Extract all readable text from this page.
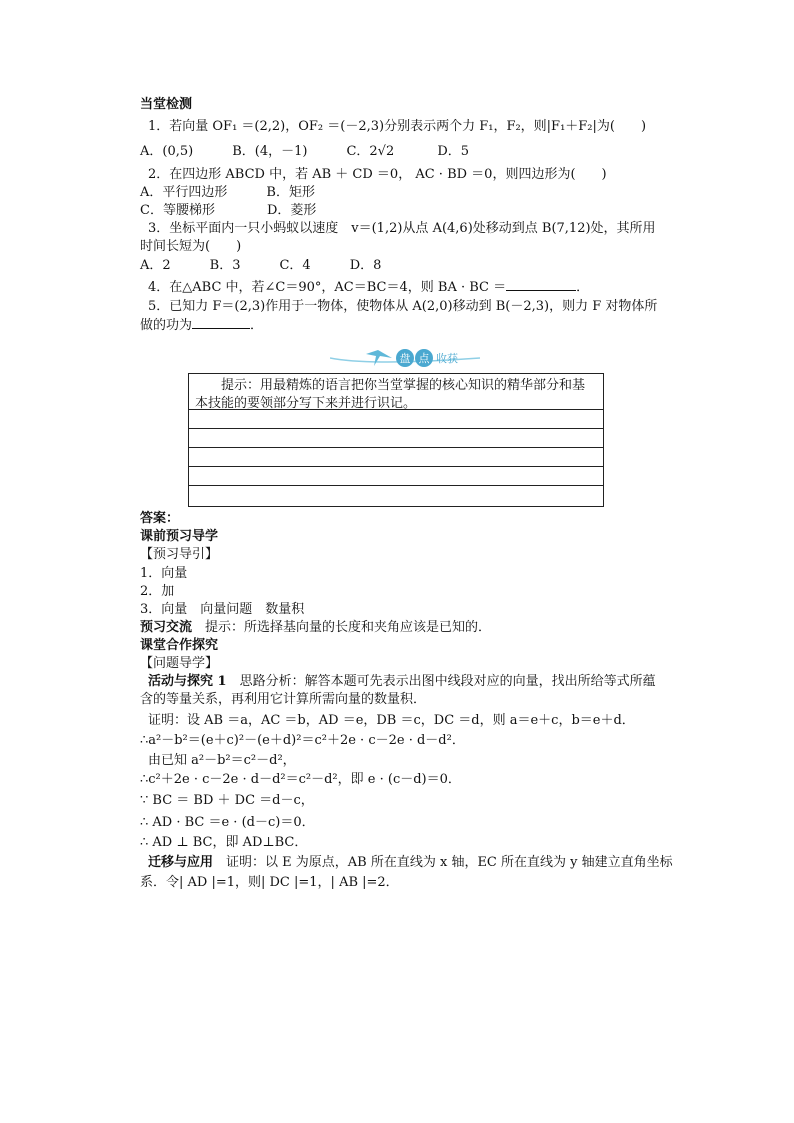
当堂检测
1．若向量 OF₁ ＝(2,2)，OF₂ ＝(－2,3)分别表示两个力 F₁，F₂，则|F₁＋F₂|为(　　)
A．(0,5)　　　B．(4，－1)　　　C．2√2　　　 D．5
2．在四边形 ABCD 中，若 AB ＋ CD ＝0， AC · BD ＝0，则四边形为(　　)
A．平行四边形　　　B．矩形
C．等腰梯形　　　　D．菱形
3．坐标平面内一只小蚂蚁以速度　v＝(1,2)从点 A(4,6)处移动到点 B(7,12)处，其所用
时间长短为(　　)
A．2　　　B．3　　　C．4　　　D．8
4．在△ABC 中，若∠C＝90°，AC＝BC＝4，则 BA · BC ＝	．
5．已知力 F＝(2,3)作用于一物体，使物体从 A(2,0)移动到 B(－2,3)，则力 F 对物体所
做的功为	．
盘 点 收获
提示：用最精炼的语言把你当堂掌握的核心知识的精华部分和基本技能的要领部分写下来并进行识记。
答案：
课前预习导学
【预习导引】
1．向量
2．加
3．向量　向量问题　数量积
预习交流　提示：所选择基向量的长度和夹角应该是已知的．
课堂合作探究
【问题导学】
活动与探究 1　思路分析：解答本题可先表示出图中线段对应的向量，找出所给等式所蕴
含的等量关系，再利用它计算所需向量的数量积．
证明：设 AB ＝a，AC ＝b，AD ＝e，DB ＝c，DC ＝d，则 a＝e＋c，b＝e＋d．
∴a²－b²＝(e＋c)²－(e＋d)²＝c²＋2e · c－2e · d－d²．
由已知 a²－b²＝c²－d²，
∴c²＋2e · c－2e · d－d²＝c²－d²，即 e · (c－d)＝0．
∵ BC ＝ BD ＋ DC ＝d－c，
∴ AD · BC ＝e · (d－c)＝0．
∴ AD ⊥ BC，即 AD⊥BC．
迁移与应用　证明：以 E 为原点，AB 所在直线为 x 轴，EC 所在直线为 y 轴建立直角坐标
系．令| AD |=1，则| DC |=1，| AB |=2．
